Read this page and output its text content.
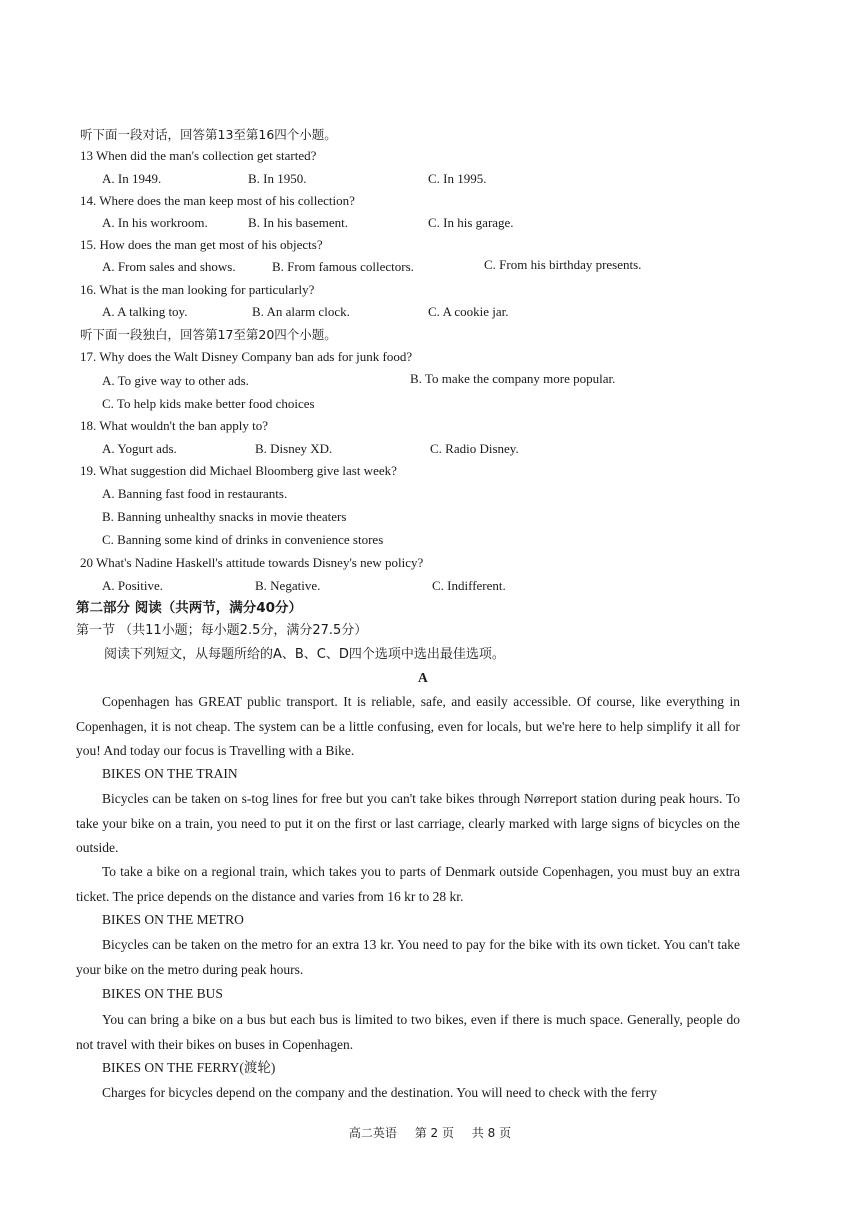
听下面一段对话，回答第13至第16四个小题。
13 When did the man's collection get started?
A. In 1949.	B. In 1950.	C. In 1995.
14. Where does the man keep most of his collection?
A. In his workroom.	B. In his basement.	C. In his garage.
15. How does the man get most of his objects?
A. From sales and shows.	B. From famous collectors.	C. From his birthday presents.
16. What is the man looking for particularly?
A. A talking toy.	B. An alarm clock.	C. A cookie jar.
听下面一段独白，回答第17至第20四个小题。
17. Why does the Walt Disney Company ban ads for junk food?
A. To give way to other ads.	B. To make the company more popular.
C. To help kids make better food choices
18. What wouldn't the ban apply to?
A. Yogurt ads.	B. Disney XD.	C. Radio Disney.
19. What suggestion did Michael Bloomberg give last week?
A. Banning fast food in restaurants.
B. Banning unhealthy snacks in movie theaters
C. Banning some kind of drinks in convenience stores
20 What's Nadine Haskell's attitude towards Disney's new policy?
A. Positive.	B. Negative.	C. Indifferent.
第二部分 阅读（共两节，满分40分）
第一节 （共11小题；每小题2.5分，满分27.5分）
阅读下列短文，从每题所给的A、B、C、D四个选项中选出最佳选项。
A
Copenhagen has GREAT public transport. It is reliable, safe, and easily accessible. Of course, like everything in Copenhagen, it is not cheap. The system can be a little confusing, even for locals, but we're here to help simplify it all for you! And today our focus is Travelling with a Bike.
BIKES ON THE TRAIN
Bicycles can be taken on s-tog lines for free but you can't take bikes through Nørreport station during peak hours. To take your bike on a train, you need to put it on the first or last carriage, clearly marked with large signs of bicycles on the outside.
To take a bike on a regional train, which takes you to parts of Denmark outside Copenhagen, you must buy an extra ticket. The price depends on the distance and varies from 16 kr to 28 kr.
BIKES ON THE METRO
Bicycles can be taken on the metro for an extra 13 kr. You need to pay for the bike with its own ticket. You can't take your bike on the metro during peak hours.
BIKES ON THE BUS
You can bring a bike on a bus but each bus is limited to two bikes, even if there is much space. Generally, people do not travel with their bikes on buses in Copenhagen.
BIKES ON THE FERRY(渡轮)
Charges for bicycles depend on the company and the destination. You will need to check with the ferry
高二英语 第 2 页 共 8 页
